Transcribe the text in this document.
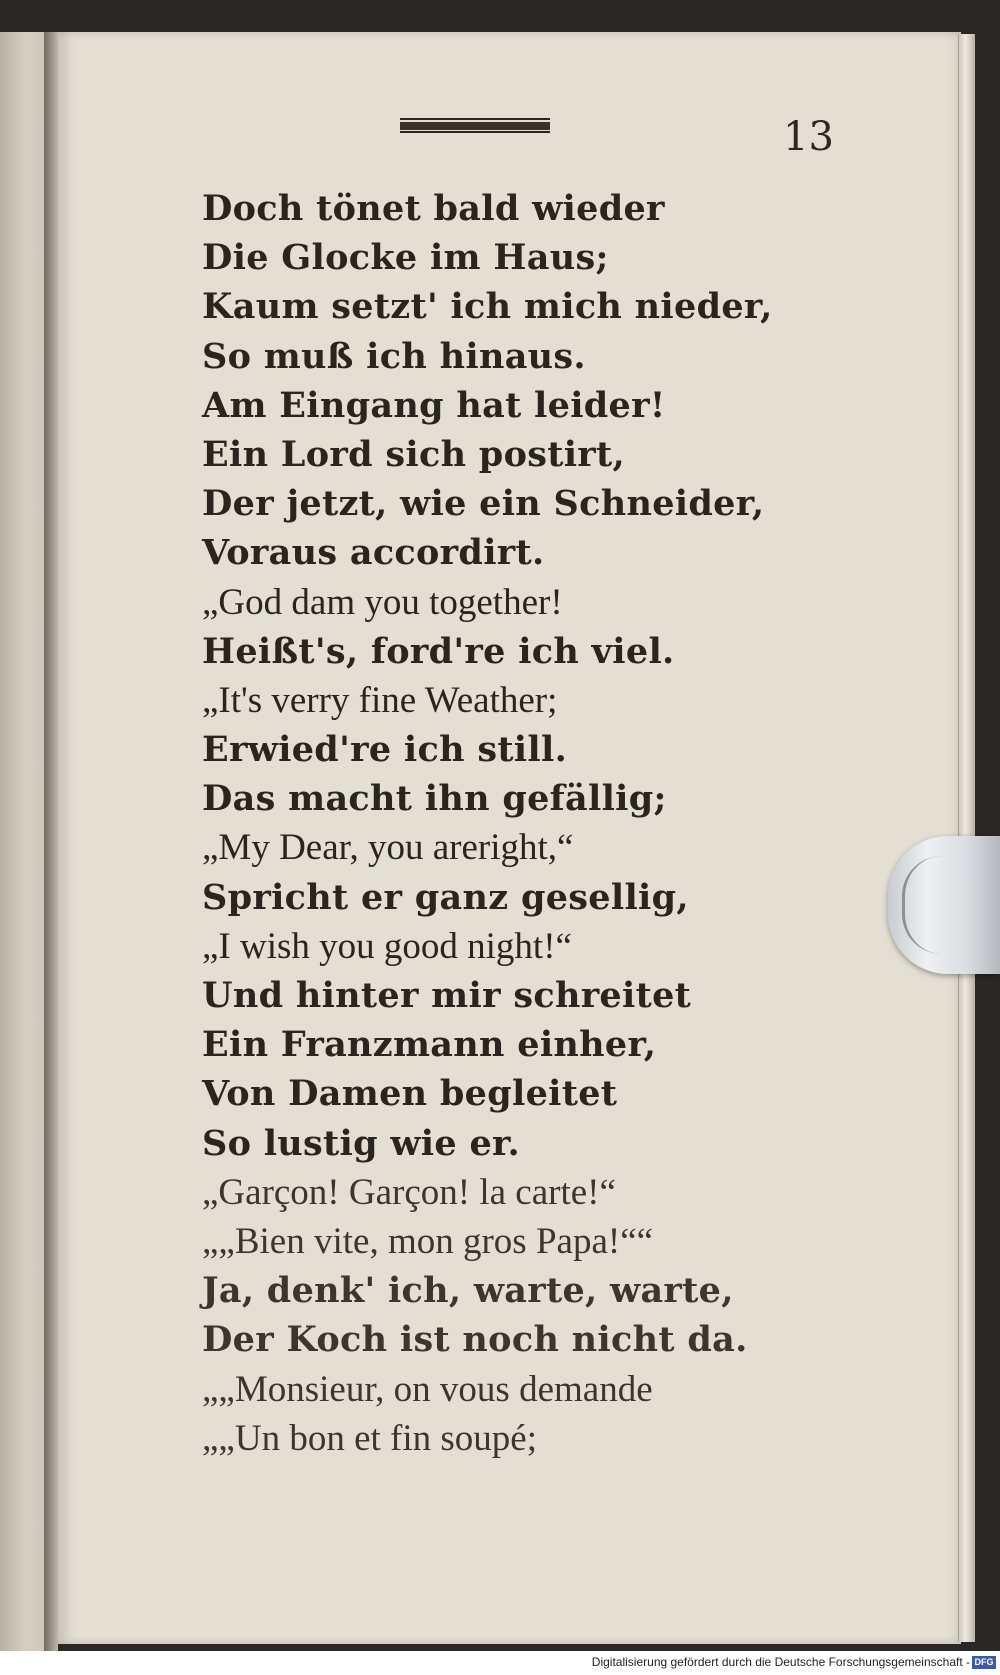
13
Doch tönet bald wieder
Die Glocke im Haus;
Kaum setzt' ich mich nieder,
So muß ich hinaus.
Am Eingang hat leider!
Ein Lord sich postirt,
Der jetzt, wie ein Schneider,
Voraus accordirt.
„God dam you together!
Heißt's, ford're ich viel.
„It's verry fine Weather;
Erwied're ich still.
Das macht ihn gefällig;
„My Dear, you areright,“
Spricht er ganz gesellig,
„I wish you good night!“
Und hinter mir schreitet
Ein Franzmann einher,
Von Damen begleitet
So lustig wie er.
„Garçon! Garçon! la carte!“
„„Bien vite, mon gros Papa!““
Ja, denk' ich, warte, warte,
Der Koch ist noch nicht da.
„„Monsieur, on vous demande
„„Un bon et fin soupé;
Digitalisierung gefördert durch die Deutsche Forschungsgemeinschaft - DFG
